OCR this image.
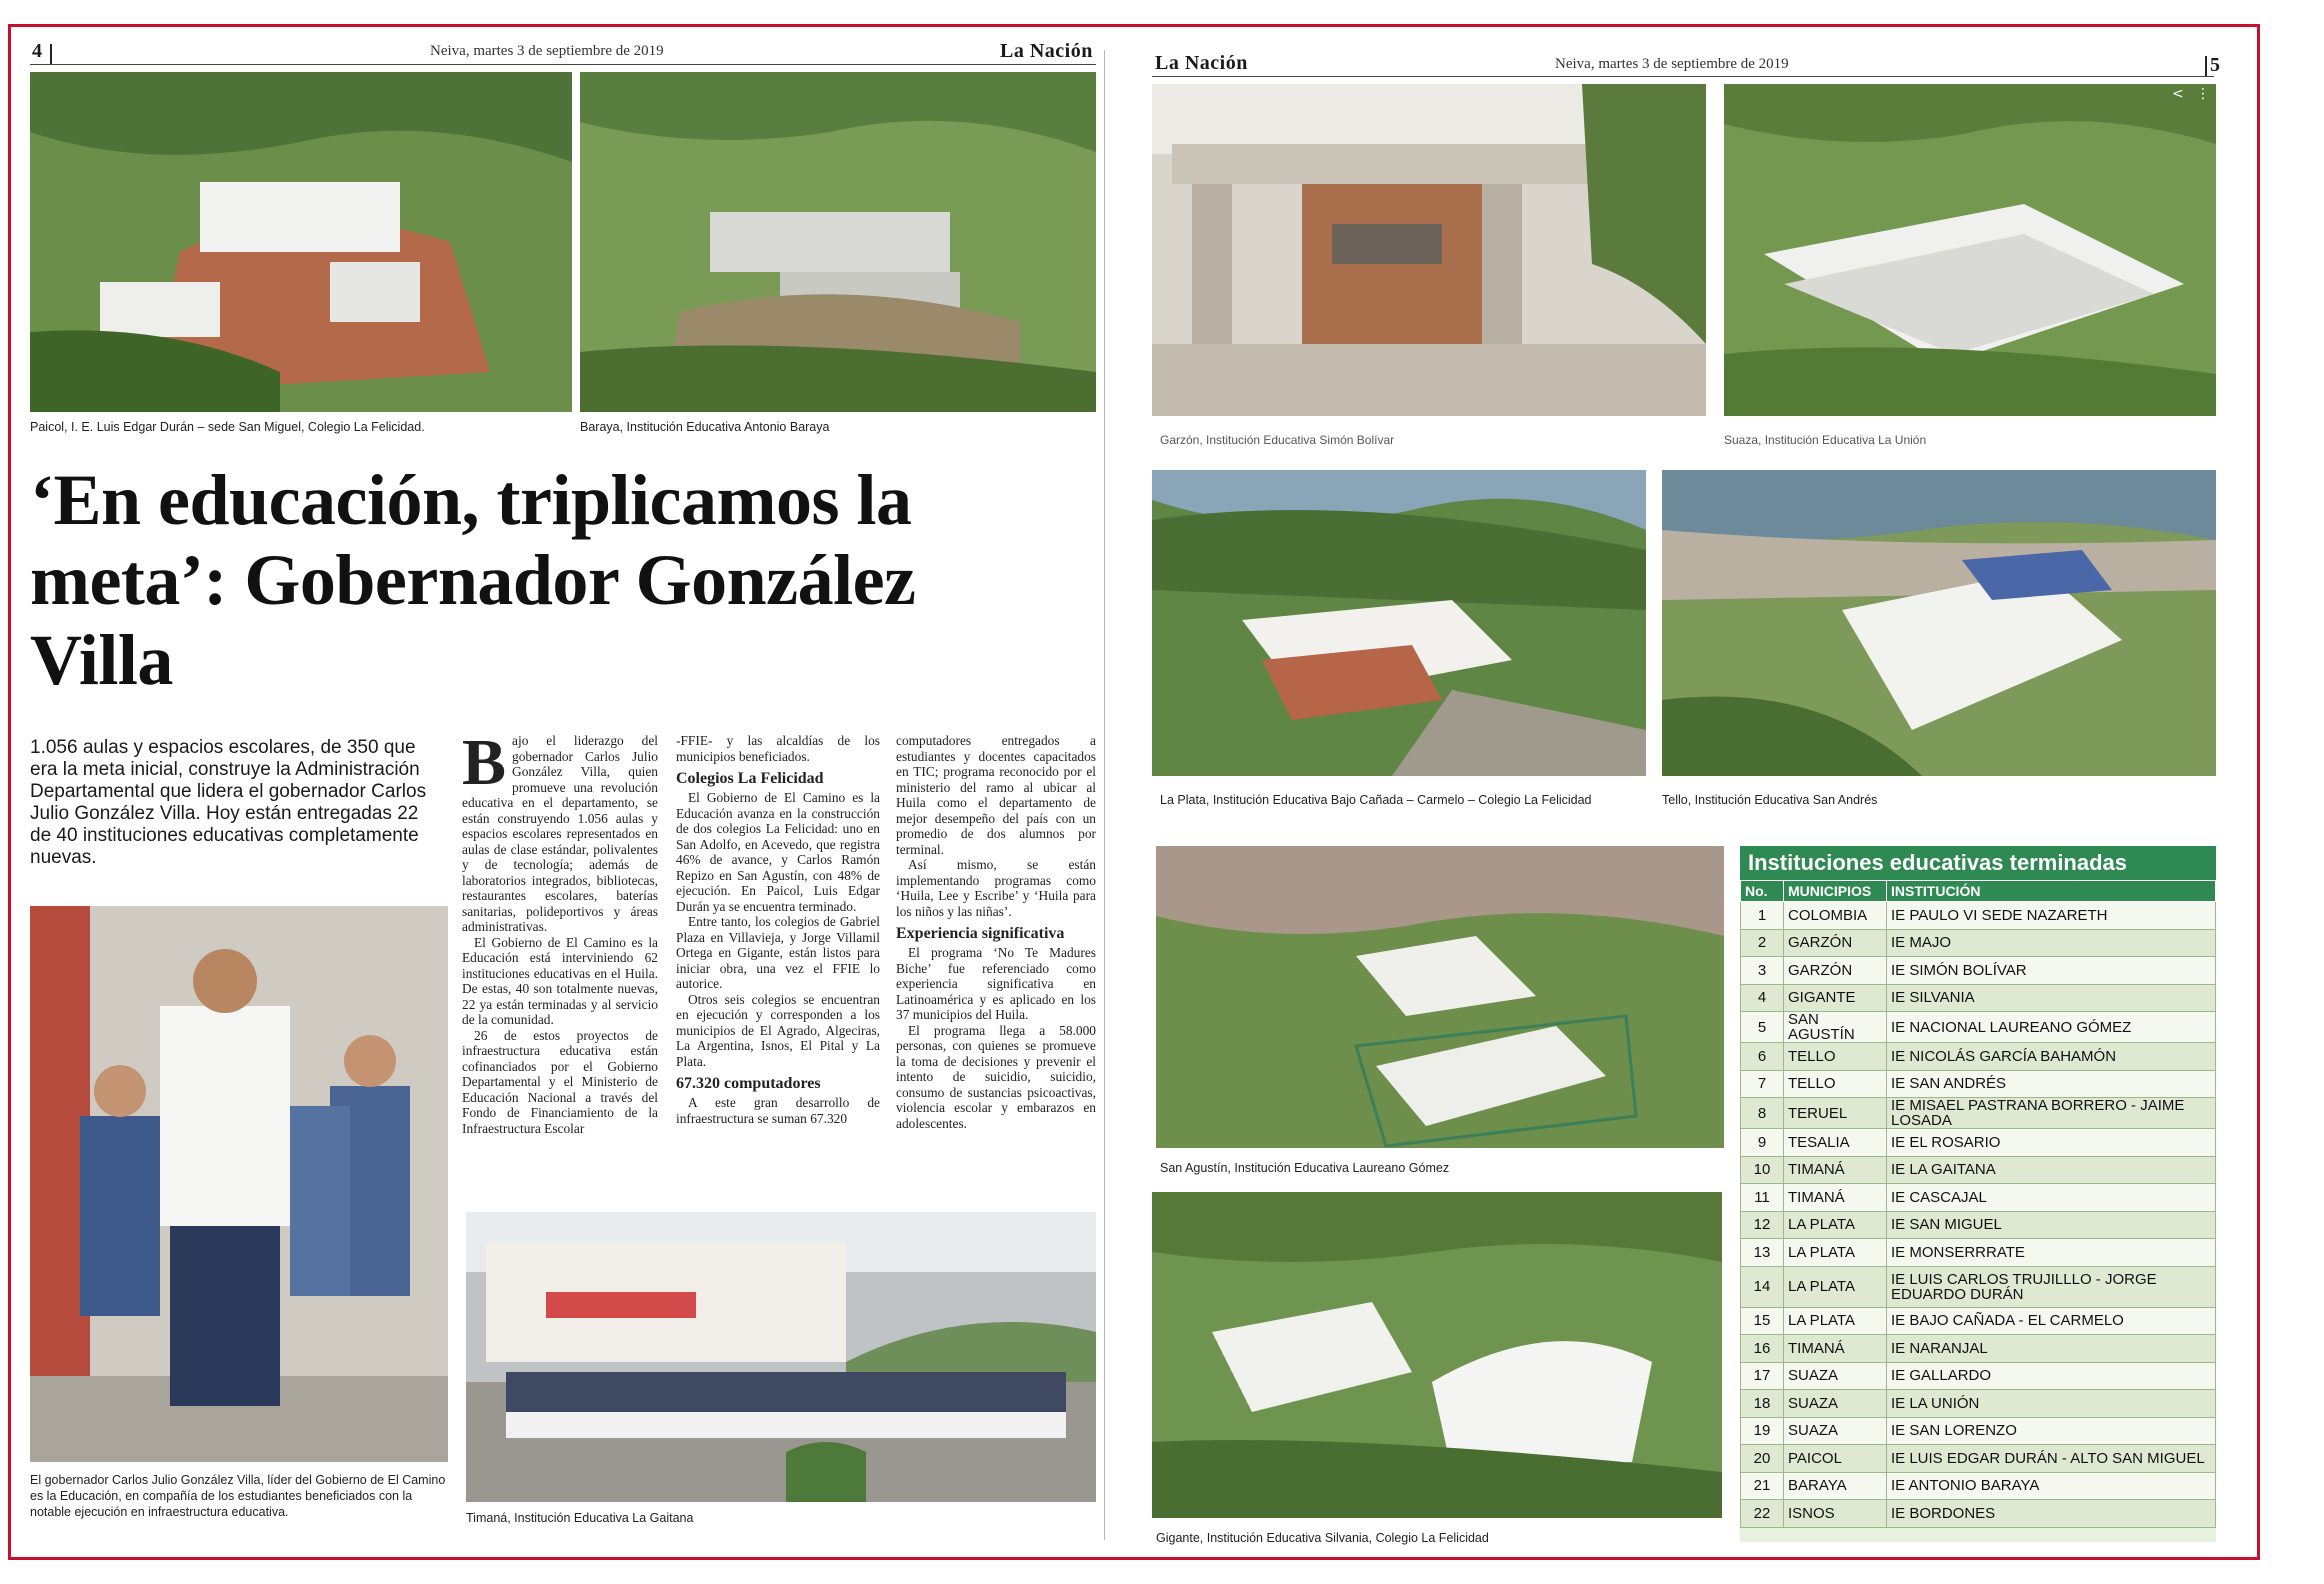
4	Neiva, martes 3 de septiembre de 2019	La Nación
La Nación	Neiva, martes 3 de septiembre de 2019	5
Paicol, I. E. Luis Edgar Durán – sede San Miguel, Colegio La Felicidad.	Baraya, Institución Educativa Antonio Baraya
‘En educación, triplicamos la meta’: Gobernador González Villa

1.056 aulas y espacios escolares, de 350 que era la meta inicial, construye la Administración Departamental que lidera el gobernador Carlos Julio González Villa. Hoy están entregadas 22 de 40 instituciones educativas completamente nuevas.

El gobernador Carlos Julio González Villa, líder del Gobierno de El Camino es la Educación, en compañía de los estudiantes beneficiados con la notable ejecución en infraestructura educativa.
B ajo el liderazgo del gobernador Carlos Julio González Villa, quien promueve una revolución educativa en el departamento, se están construyendo 1.056 aulas y espacios escolares representados en aulas de clase estándar, polivalentes y de tecnología; además de laboratorios integrados, bibliotecas, restaurantes escolares, baterías sanitarias, polideportivos y áreas administrativas.

El Gobierno de El Camino es la Educación está interviniendo 62 instituciones educativas en el Huila. De estas, 40 son totalmente nuevas, 22 ya están terminadas y al servicio de la comunidad.

26 de estos proyectos de infraestructura educativa están cofinanciados por el Gobierno Departamental y el Ministerio de Educación Nacional a través del Fondo de Financiamiento de la Infraestructura Escolar

-FFIE- y las alcaldías de los municipios beneficiados.

Colegios La Felicidad

El Gobierno de El Camino es la Educación avanza en la construcción de dos colegios La Felicidad: uno en San Adolfo, en Acevedo, que registra 46% de avance, y Carlos Ramón Repizo en San Agustín, con 48% de ejecución. En Paicol, Luis Edgar Durán ya se encuentra terminado.

Entre tanto, los colegios de Gabriel Plaza en Villavieja, y Jorge Villamil Ortega en Gigante, están listos para iniciar obra, una vez el FFIE lo autorice.

Otros seis colegios se encuentran en ejecución y corresponden a los municipios de El Agrado, Algeciras, La Argentina, Isnos, El Pital y La Plata.

67.320 computadores

A este gran desarrollo de infraestructura se suman 67.320

computadores entregados a estudiantes y docentes capacitados en TIC; programa reconocido por el ministerio del ramo al ubicar al Huila como el departamento de mejor desempeño del país con un promedio de dos alumnos por terminal.

Así mismo, se están implementando programas como ‘Huila, Lee y Escribe’ y ‘Huila para los niños y las niñas’.

Experiencia significativa

El programa ‘No Te Madures Biche’ fue referenciado como experiencia significativa en Latinoamérica y es aplicado en los 37 municipios del Huila.

El programa llega a 58.000 personas, con quienes se promueve la toma de decisiones y prevenir el intento de suicidio, suicidio, consumo de sustancias psicoactivas, violencia escolar y embarazos en adolescentes.

Timaná, Institución Educativa La Gaitana
< ⋮
Garzón, Institución Educativa Simón Bolívar	Suaza, Institución Educativa La Unión
La Plata, Institución Educativa Bajo Cañada – Carmelo – Colegio La Felicidad	Tello, Institución Educativa San Andrés
San Agustín, Institución Educativa Laureano Gómez
Gigante, Institución Educativa Silvania, Colegio La Felicidad
Instituciones educativas terminadas
No.	MUNICIPIOS	INSTITUCIÓN
1	COLOMBIA	IE PAULO VI SEDE NAZARETH
2	GARZÓN	IE MAJO
3	GARZÓN	IE SIMÓN BOLÍVAR
4	GIGANTE	IE SILVANIA
5	SAN AGUSTÍN	IE NACIONAL LAUREANO GÓMEZ
6	TELLO	IE NICOLÁS GARCÍA BAHAMÓN
7	TELLO	IE SAN ANDRÉS
8	TERUEL	IE MISAEL PASTRANA BORRERO - JAIME LOSADA
9	TESALIA	IE EL ROSARIO
10	TIMANÁ	IE LA GAITANA
11	TIMANÁ	IE CASCAJAL
12	LA PLATA	IE SAN MIGUEL
13	LA PLATA	IE MONSERRRATE
14	LA PLATA	IE LUIS CARLOS TRUJILLLO - JORGE EDUARDO DURÁN
15	LA PLATA	IE BAJO CAÑADA - EL CARMELO
16	TIMANÁ	IE NARANJAL
17	SUAZA	IE GALLARDO
18	SUAZA	IE LA UNIÓN
19	SUAZA	IE SAN LORENZO
20	PAICOL	IE LUIS EDGAR DURÁN - ALTO SAN MIGUEL
21	BARAYA	IE ANTONIO BARAYA
22	ISNOS	IE BORDONES
